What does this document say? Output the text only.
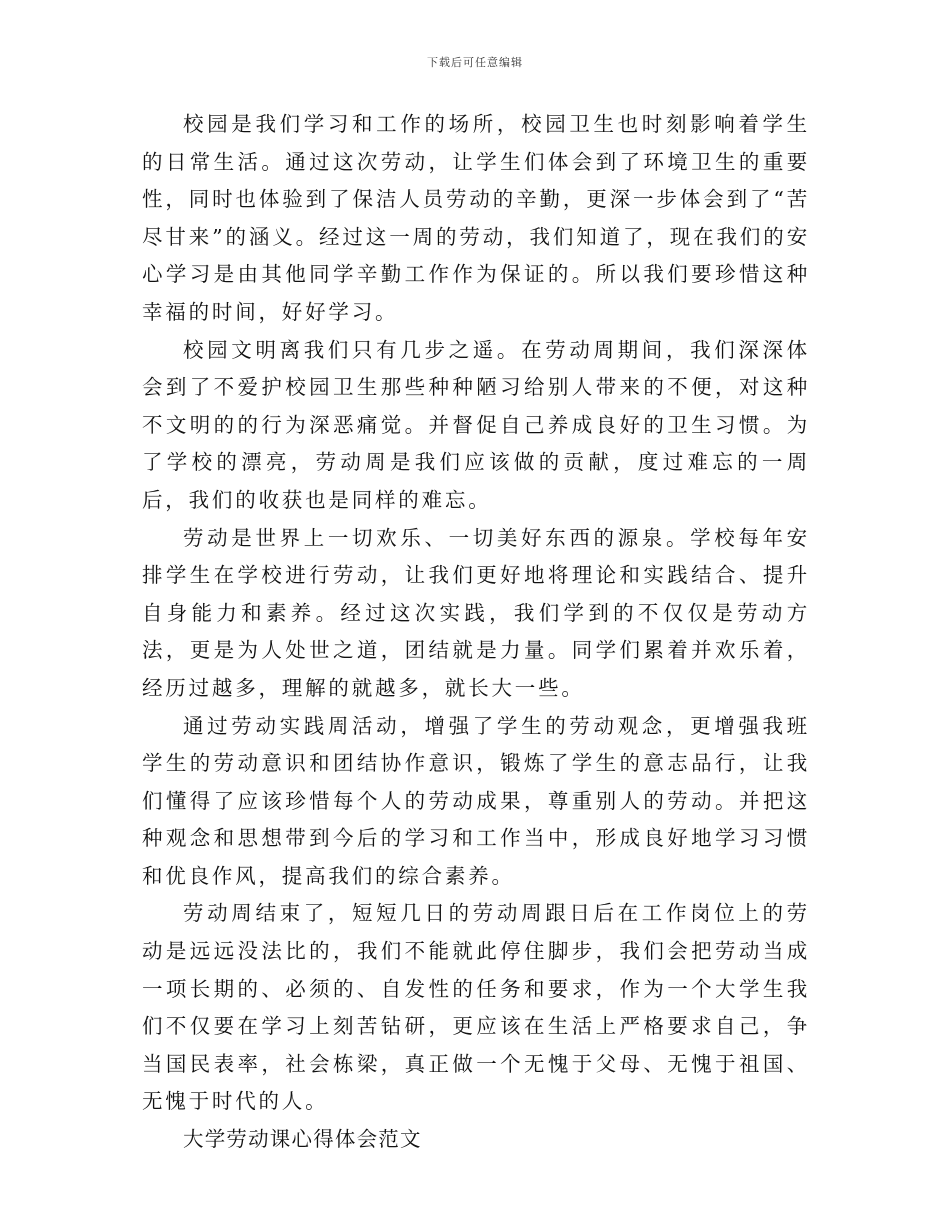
下载后可任意编辑

校园是我们学习和工作的场所，校园卫生也时刻影响着学生的日常生活。通过这次劳动，让学生们体会到了环境卫生的重要性，同时也体验到了保洁人员劳动的辛勤，更深一步体会到了“苦尽甘来”的涵义。经过这一周的劳动，我们知道了，现在我们的安心学习是由其他同学辛勤工作作为保证的。所以我们要珍惜这种幸福的时间，好好学习。

校园文明离我们只有几步之遥。在劳动周期间，我们深深体会到了不爱护校园卫生那些种种陋习给别人带来的不便，对这种不文明的的行为深恶痛觉。并督促自己养成良好的卫生习惯。为了学校的漂亮，劳动周是我们应该做的贡献，度过难忘的一周后，我们的收获也是同样的难忘。

劳动是世界上一切欢乐、一切美好东西的源泉。学校每年安排学生在学校进行劳动，让我们更好地将理论和实践结合、提升自身能力和素养。经过这次实践，我们学到的不仅仅是劳动方法，更是为人处世之道，团结就是力量。同学们累着并欢乐着，经历过越多，理解的就越多，就长大一些。

通过劳动实践周活动，增强了学生的劳动观念，更增强我班学生的劳动意识和团结协作意识，锻炼了学生的意志品行，让我们懂得了应该珍惜每个人的劳动成果，尊重别人的劳动。并把这种观念和思想带到今后的学习和工作当中，形成良好地学习习惯和优良作风，提高我们的综合素养。

劳动周结束了，短短几日的劳动周跟日后在工作岗位上的劳动是远远没法比的，我们不能就此停住脚步，我们会把劳动当成一项长期的、必须的、自发性的任务和要求，作为一个大学生我们不仅要在学习上刻苦钻研，更应该在生活上严格要求自己，争当国民表率，社会栋梁，真正做一个无愧于父母、无愧于祖国、无愧于时代的人。

大学劳动课心得体会范文
